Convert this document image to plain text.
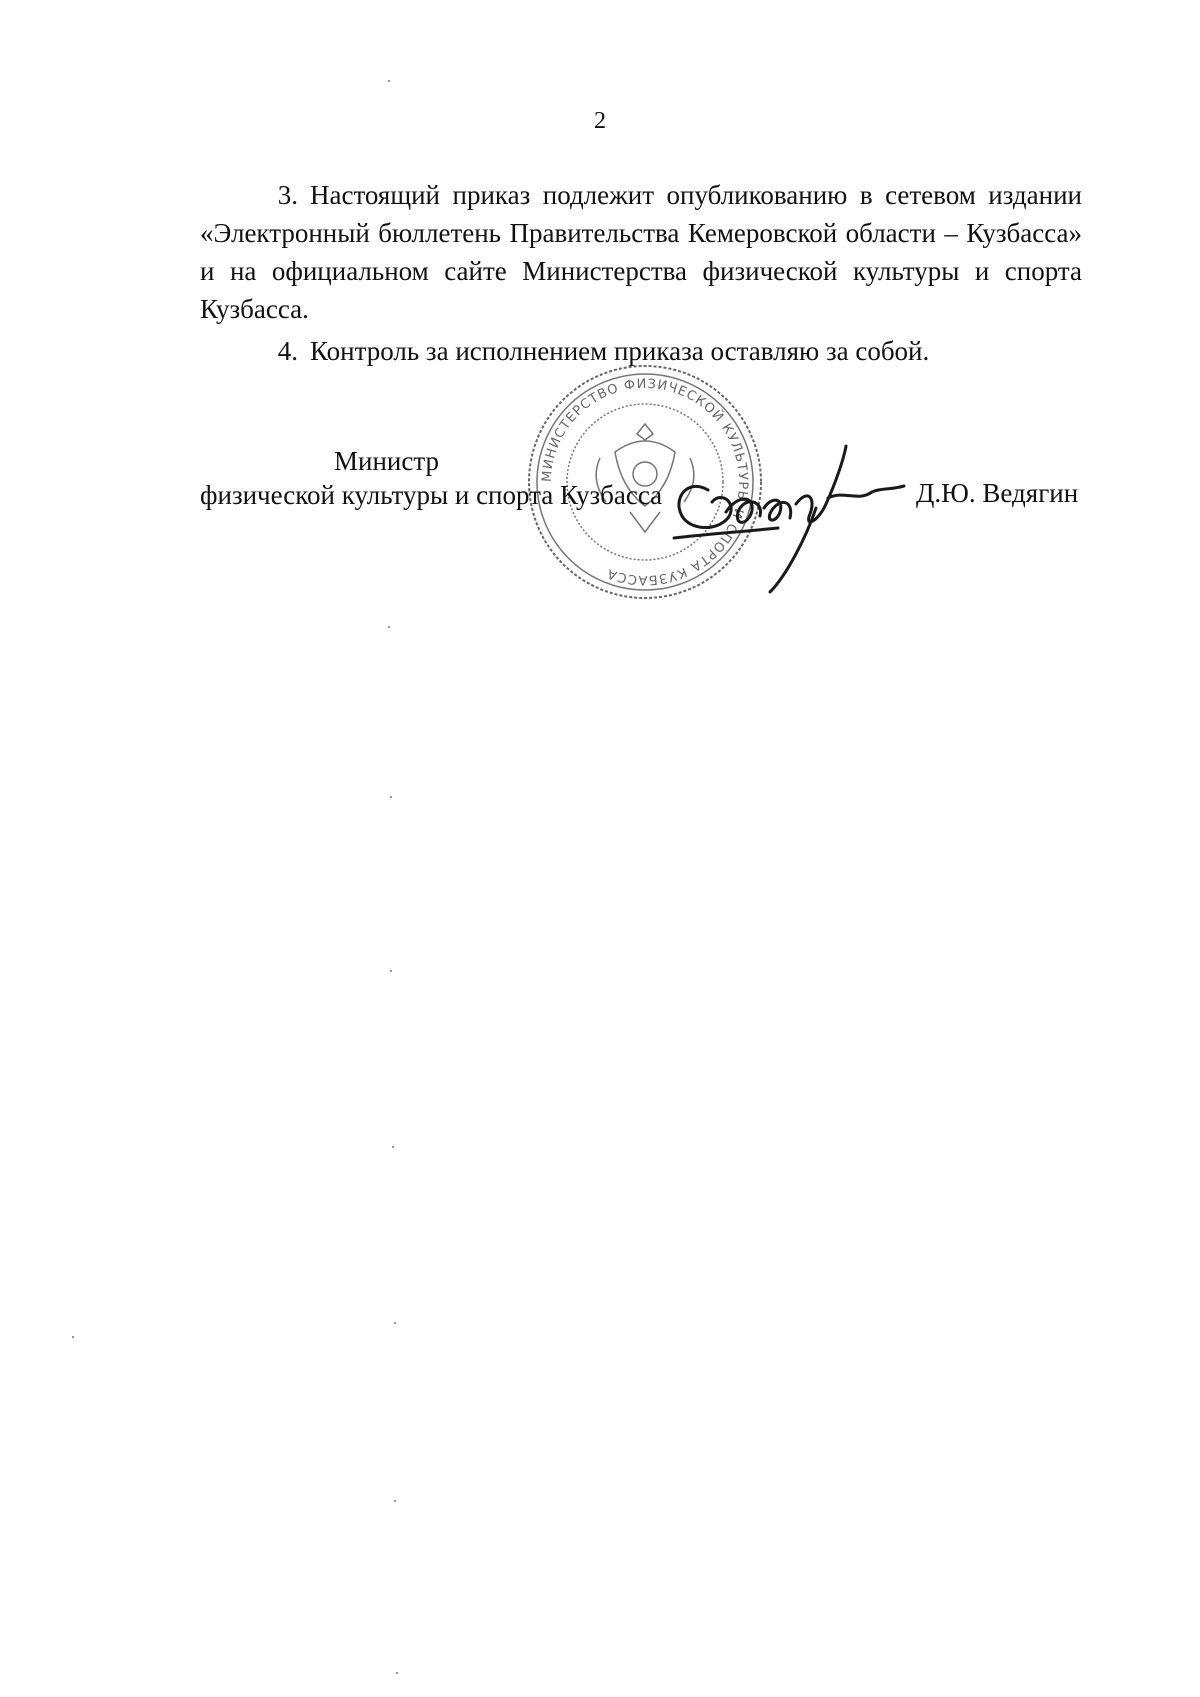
2

3. Настоящий приказ подлежит опубликованию в сетевом издании «Электронный бюллетень Правительства Кемеровской области – Кузбасса» и на официальном сайте Министерства физической культуры и спорта Кузбасса.

4. Контроль за исполнением приказа оставляю за собой.

МИНИСТЕРСТВО ФИЗИЧЕСКОЙ КУЛЬТУРЫ И СПОРТА КУЗБАССА
Министр
физической культуры и спорта Кузбасса	Д.Ю. Ведягин
